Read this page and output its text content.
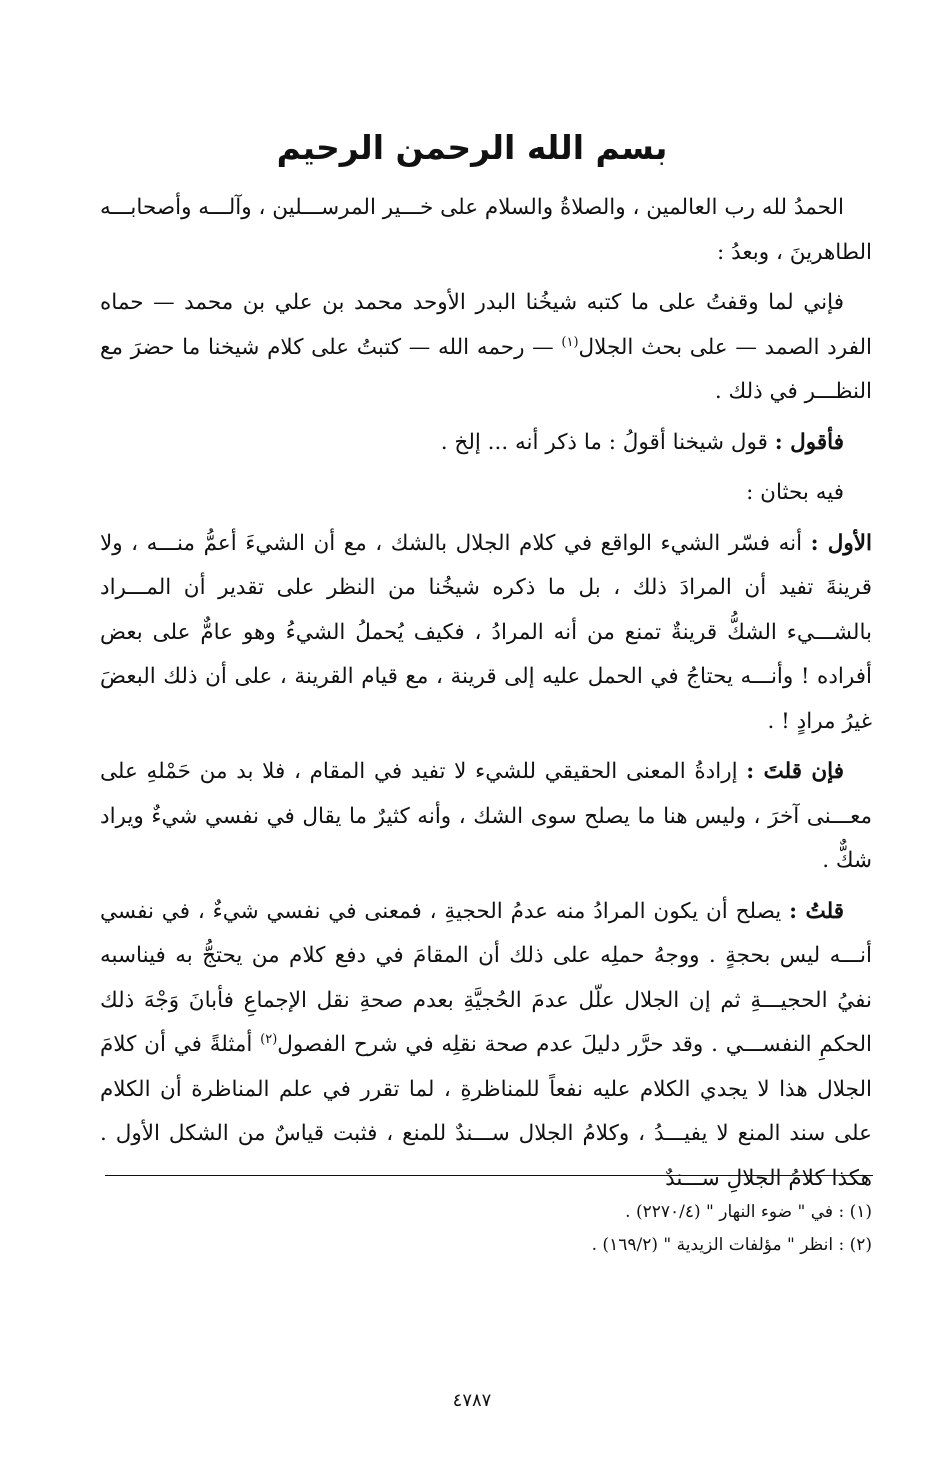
بسم الله الرحمن الرحيم

الحمدُ لله رب العالمين ، والصلاةُ والسلام على خـــير المرســـلين ، وآلـــه وأصحابـــه الطاهرينَ ، وبعدُ :

فإني لما وقفتُ على ما كتبه شيخُنا البدر الأوحد محمد بن علي بن محمد — حماه الفرد الصمد — على بحث الجلال$^{(١)}$ — رحمه الله — كتبتُ على كلام شيخنا ما حضرَ مع النظـــر في ذلك .

فأقول : قول شيخنا أقولُ : ما ذكر أنه ... إلخ .

فيه بحثان :

الأول : أنه فسّر الشيء الواقع في كلام الجلال بالشك ، مع أن الشيءَ أعمُّ منـــه ، ولا قرينةَ تفيد أن المرادَ ذلك ، بل ما ذكره شيخُنا من النظر على تقدير أن المـــراد بالشـــيء الشكُّ قرينةٌ تمنع من أنه المرادُ ، فكيف يُحملُ الشيءُ وهو عامٌّ على بعض أفراده ! وأنـــه يحتاجُ في الحمل عليه إلى قرينة ، مع قيام القرينة ، على أن ذلك البعضَ غيرُ مرادٍ ! .

فإن قلتَ : إرادةُ المعنى الحقيقي للشيء لا تفيد في المقام ، فلا بد من حَمْلهِ على معـــنى آخرَ ، وليس هنا ما يصلح سوى الشك ، وأنه كثيرٌ ما يقال في نفسي شيءٌ ويراد شكٌّ .

قلتُ : يصلح أن يكون المرادُ منه عدمُ الحجيةِ ، فمعنى في نفسي شيءٌ ، في نفسي أنـــه ليس بحجةٍ . ووجهُ حملِه على ذلك أن المقامَ في دفع كلام من يحتجُّ به فيناسبه نفيُ الحجيـــةِ ثم إن الجلال علّل عدمَ الحُجيَّةِ بعدم صحةِ نقل الإجماعِ فأبانَ وَجْهَ ذلك الحكمِ النفســـي . وقد حرَّر دليلَ عدم صحة نقلِه في شرح الفصول$^{(٢)}$ أمثلةً في أن كلامَ الجلال هذا لا يجدي الكلام عليه نفعاً للمناظرةِ ، لما تقرر في علم المناظرة أن الكلام على سند المنع لا يفيـــدُ ، وكلامُ الجلال ســـندٌ للمنع ، فثبت قياسٌ من الشكل الأول . هكذا كلامُ الجلالِ ســـندٌ

(١) : في " ضوء النهار " (٢٢٧٠/٤) .
(٢) : انظر " مؤلفات الزيدية " (١٦٩/٢) .
٤٧٨٧
